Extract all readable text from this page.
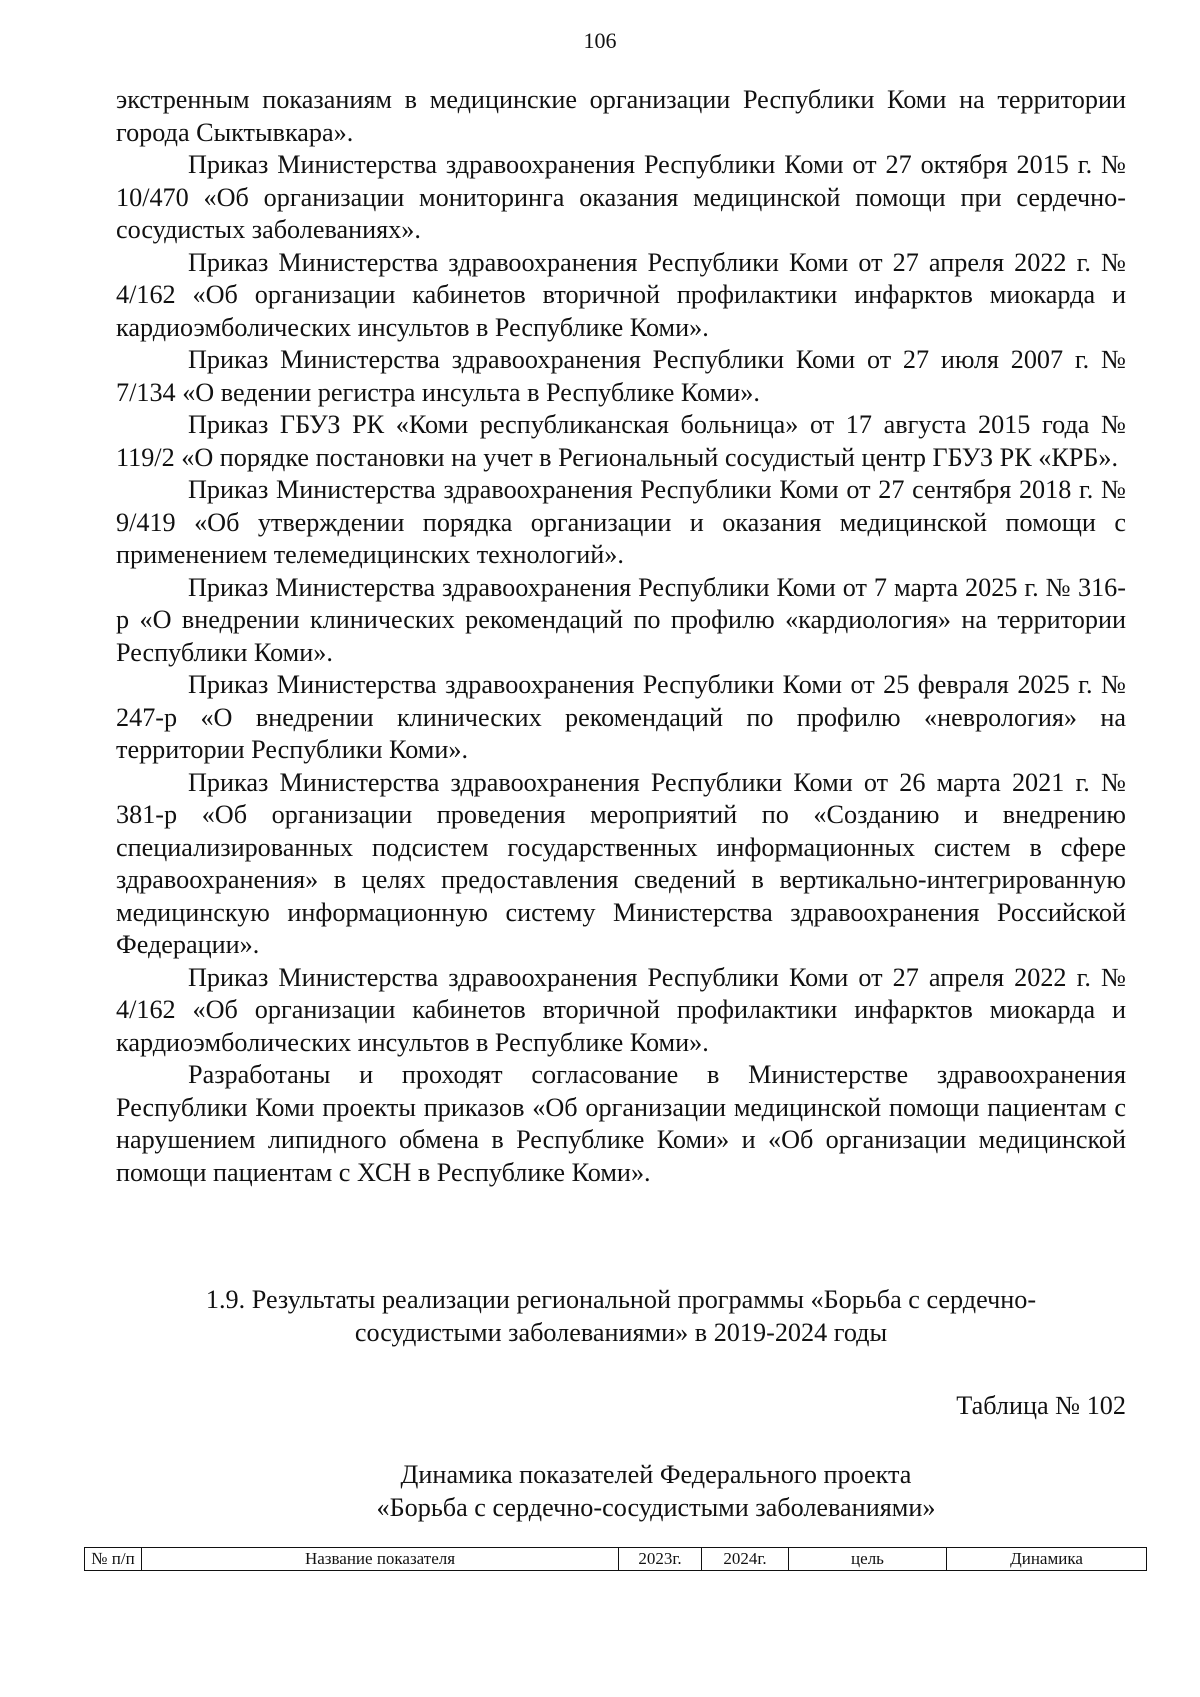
106

экстренным показаниям в медицинские организации Республики Коми на территории города Сыктывкара».

Приказ Министерства здравоохранения Республики Коми от 27 октября 2015 г. № 10/470 «Об организации мониторинга оказания медицинской помощи при сердечно-сосудистых заболеваниях».

Приказ Министерства здравоохранения Республики Коми от 27 апреля 2022 г. № 4/162 «Об организации кабинетов вторичной профилактики инфарктов миокарда и кардиоэмболических инсультов в Республике Коми».

Приказ Министерства здравоохранения Республики Коми от 27 июля 2007 г. № 7/134 «О ведении регистра инсульта в Республике Коми».

Приказ ГБУЗ РК «Коми республиканская больница» от 17 августа 2015 года № 119/2 «О порядке постановки на учет в Региональный сосудистый центр ГБУЗ РК «КРБ».

Приказ Министерства здравоохранения Республики Коми от 27 сентября 2018 г. № 9/419 «Об утверждении порядка организации и оказания медицинской помощи с применением телемедицинских технологий».

Приказ Министерства здравоохранения Республики Коми от 7 марта 2025 г. № 316-р «О внедрении клинических рекомендаций по профилю «кардиология» на территории Республики Коми».

Приказ Министерства здравоохранения Республики Коми от 25 февраля 2025 г. № 247-р «О внедрении клинических рекомендаций по профилю «неврология» на территории Республики Коми».

Приказ Министерства здравоохранения Республики Коми от 26 марта 2021 г. № 381-р «Об организации проведения мероприятий по «Созданию и внедрению специализированных подсистем государственных информационных систем в сфере здравоохранения» в целях предоставления сведений в вертикально-интегрированную медицинскую информационную систему Министерства здравоохранения Российской Федерации».

Приказ Министерства здравоохранения Республики Коми от 27 апреля 2022 г. № 4/162 «Об организации кабинетов вторичной профилактики инфарктов миокарда и кардиоэмболических инсультов в Республике Коми».

Разработаны и проходят согласование в Министерстве здравоохранения Республики Коми проекты приказов «Об организации медицинской помощи пациентам с нарушением липидного обмена в Республике Коми» и «Об организации медицинской помощи пациентам с ХСН в Республике Коми».

1.9. Результаты реализации региональной программы «Борьба с сердечно-
сосудистыми заболеваниями» в 2019-2024 годы
Таблица № 102
Динамика показателей Федерального проекта
«Борьба с сердечно-сосудистыми заболеваниями»
№ п/п	Название показателя	2023г.	2024г.	цель	Динамика
